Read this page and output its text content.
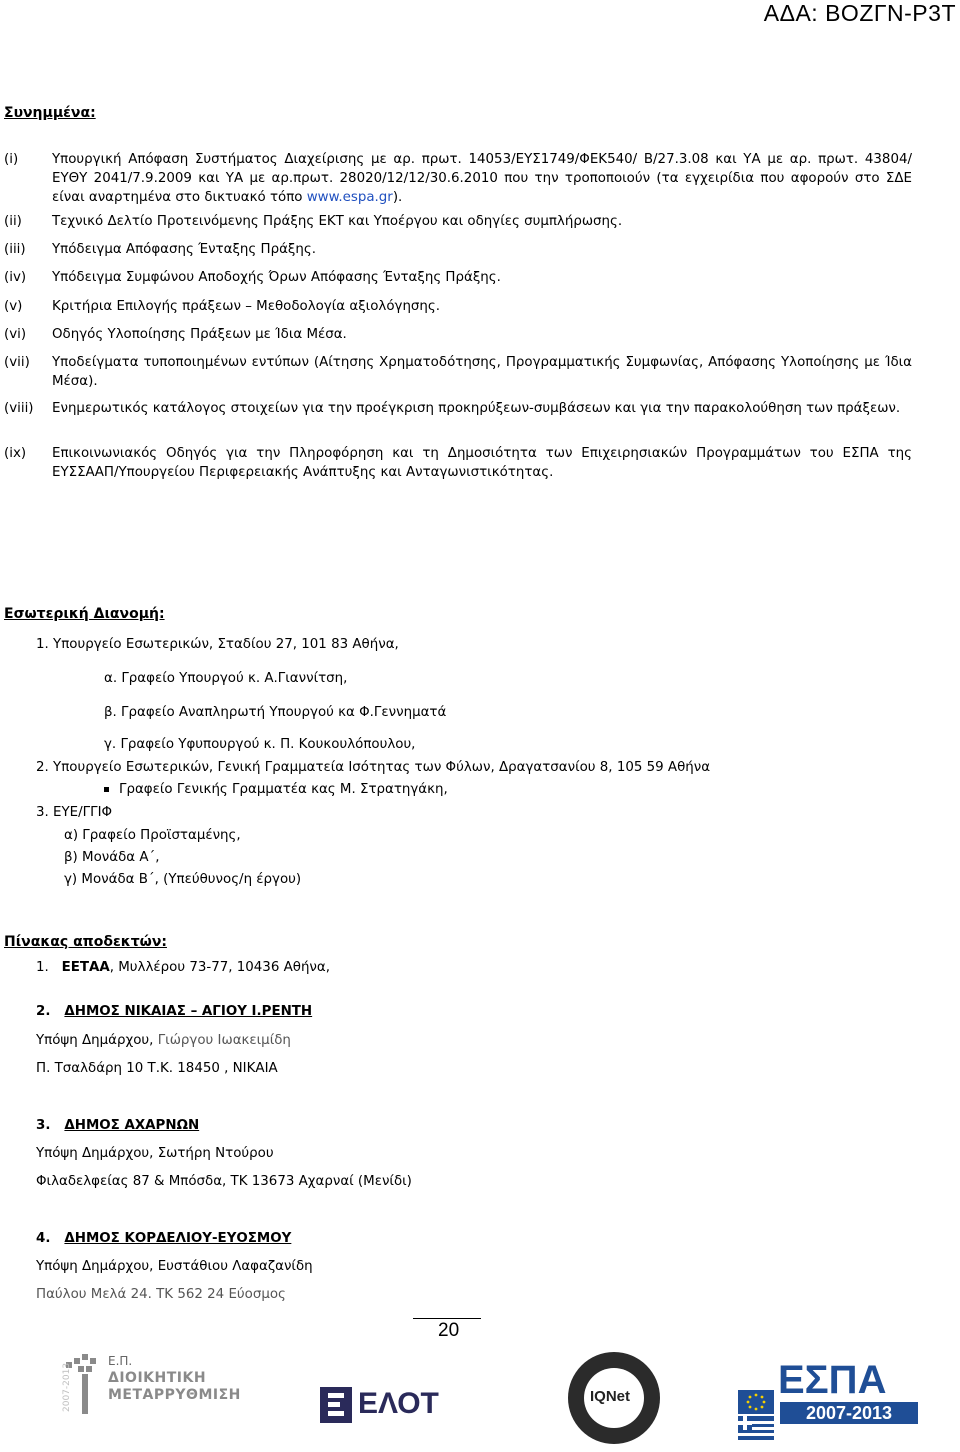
ΑΔΑ: ΒΟΖΓΝ-Ρ3Τ
Συνημμένα:
(i)	Υπουργική Απόφαση Συστήματος Διαχείρισης με αρ. πρωτ. 14053/ΕΥΣ1749/ΦΕΚ540/ Β/27.3.08 και ΥΑ με αρ. πρωτ. 43804/ΕΥΘΥ 2041/7.9.2009 και ΥΑ με αρ.πρωτ. 28020/12/12/30.6.2010 που την τροποποιούν (τα εγχειρίδια που αφορούν στο ΣΔΕ είναι αναρτημένα στο δικτυακό τόπο www.espa.gr).
(ii) Τεχνικό Δελτίο Προτεινόμενης Πράξης ΕΚΤ και Υποέργου και οδηγίες συμπλήρωσης.
(iii) Υπόδειγμα Απόφασης Ένταξης Πράξης.
(iv) Υπόδειγμα Συμφώνου Αποδοχής Όρων Απόφασης Ένταξης Πράξης.
(v) Κριτήρια Επιλογής πράξεων – Μεθοδολογία αξιολόγησης.
(vi) Οδηγός Υλοποίησης Πράξεων με Ίδια Μέσα.
(vii) Υποδείγματα τυποποιημένων εντύπων (Αίτησης Χρηματοδότησης, Προγραμματικής Συμφωνίας, Απόφασης Υλοποίησης με Ίδια Μέσα).
(viii) Ενημερωτικός κατάλογος στοιχείων για την προέγκριση προκηρύξεων-συμβάσεων και για την παρακολούθηση των πράξεων.
(ix) Επικοινωνιακός Οδηγός για την Πληροφόρηση και τη Δημοσιότητα των Επιχειρησιακών Προγραμμάτων του ΕΣΠΑ της ΕΥΣΣΑΑΠ/Υπουργείου Περιφερειακής Ανάπτυξης και Ανταγωνιστικότητας.
Εσωτερική Διανομή:
1. Υπουργείο Εσωτερικών, Σταδίου 27, 101 83 Αθήνα,
α. Γραφείο Υπουργού κ. Α.Γιαννίτση,
β. Γραφείο Αναπληρωτή Υπουργού κα Φ.Γεννηματά
γ. Γραφείο Υφυπουργού κ. Π. Κουκουλόπουλου,
2. Υπουργείο Εσωτερικών, Γενική Γραμματεία Ισότητας των Φύλων, Δραγατσανίου 8, 105 59 Αθήνα
Γραφείο Γενικής Γραμματέα κας Μ. Στρατηγάκη,
3. ΕΥΕ/ΓΓΙΦ
α) Γραφείο Προϊσταμένης,
β) Μονάδα Α΄,
γ) Μονάδα Β΄, (Υπεύθυνος/η έργου)
Πίνακας αποδεκτών:
1. ΕΕΤΑΑ, Μυλλέρου 73-77, 10436 Αθήνα,
2. ΔΗΜΟΣ ΝΙΚΑΙΑΣ – ΑΓΙΟΥ Ι.ΡΕΝΤΗ
Υπόψη Δημάρχου, Γιώργου Ιωακειμίδη
Π. Τσαλδάρη 10 Τ.Κ. 18450 , ΝΙΚΑΙΑ
3. ΔΗΜΟΣ ΑΧΑΡΝΩΝ
Υπόψη Δημάρχου, Σωτήρη Ντούρου
Φιλαδελφείας 87 & Μπόσδα, ΤΚ 13673 Αχαρναί (Μενίδι)
4. ΔΗΜΟΣ ΚΟΡΔΕΛΙΟΥ-ΕΥΟΣΜΟΥ
Υπόψη Δημάρχου, Ευστάθιου Λαφαζανίδη
Παύλου Μελά 24. ΤΚ 562 24 Εύοσμος
20
Ε.Π.
ΔΙΟΙΚΗΤΙΚΗ
ΜΕΤΑΡΡΥΘΜΙΣΗ
2007-2013	ΕΛΟΤ	IQNet	ΕΣΠΑ
2007-2013
